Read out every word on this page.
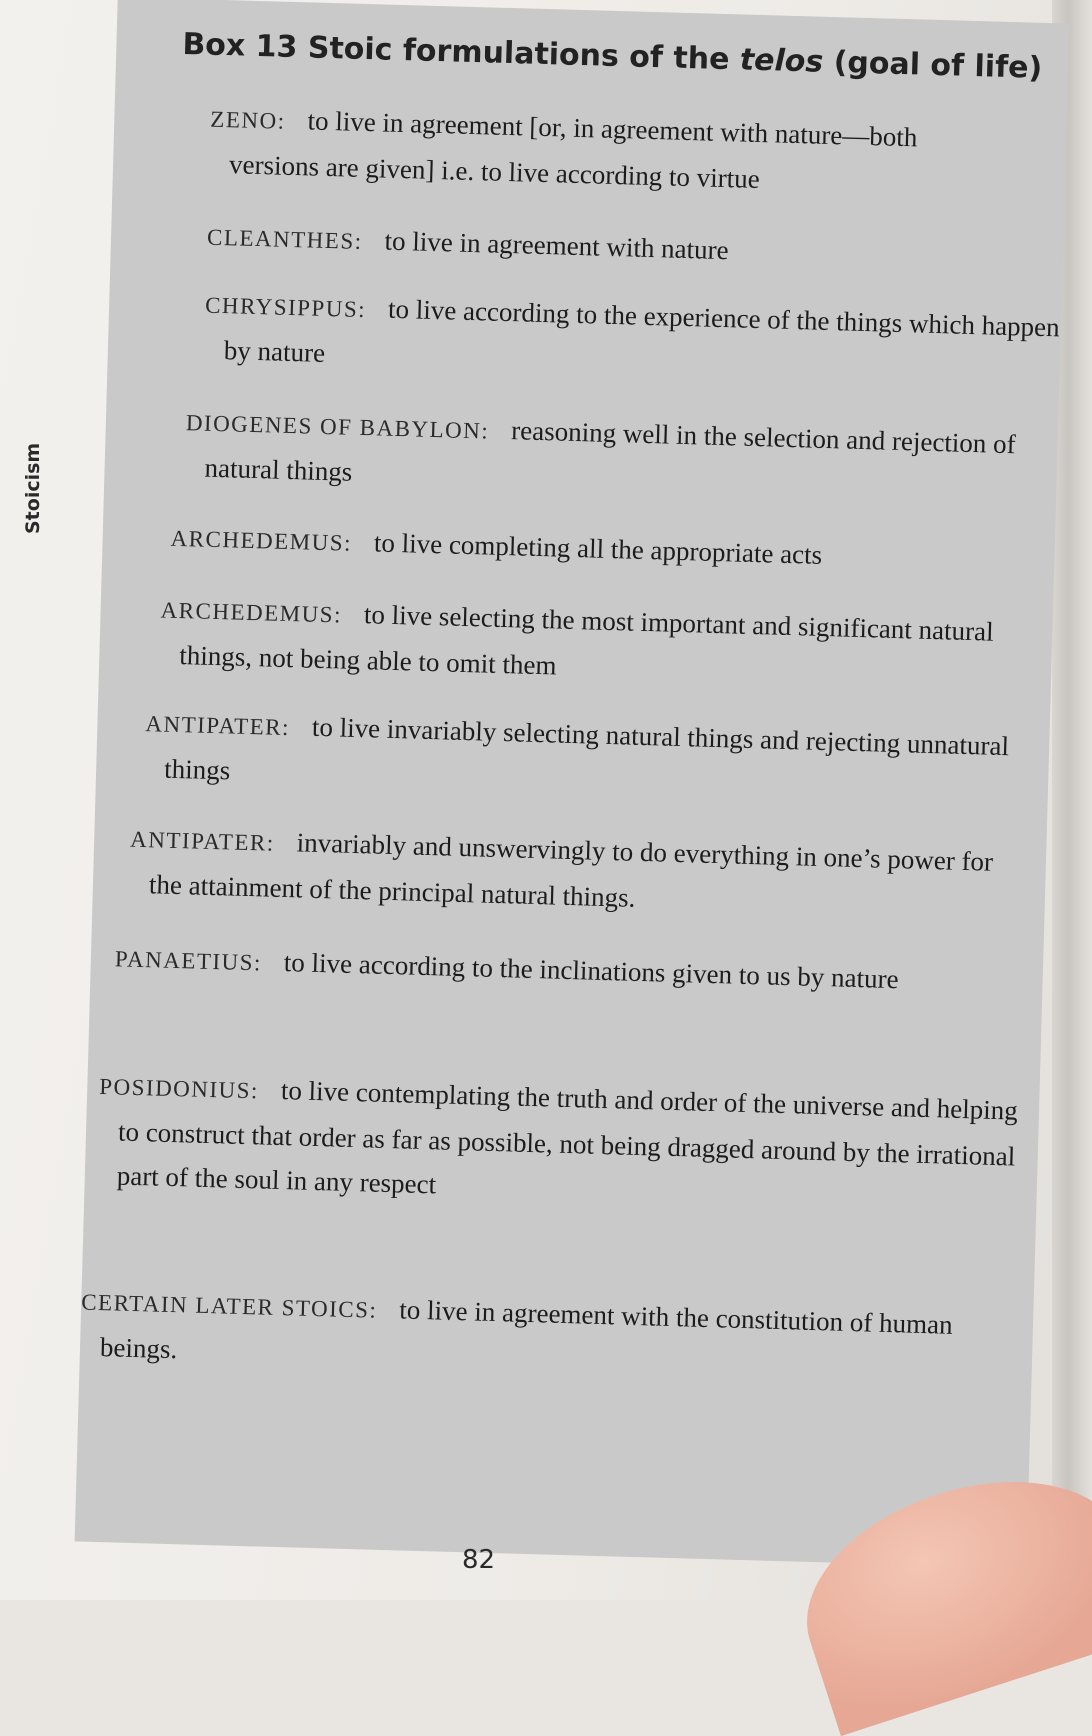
Stoicism
Box 13 Stoic formulations of the telos (goal of life)
ZENO: to live in agreement [or, in agreement with nature—both versions are given] i.e. to live according to virtue
CLEANTHES: to live in agreement with nature
CHRYSIPPUS: to live according to the experience of the things which happen by nature
DIOGENES OF BABYLON: reasoning well in the selection and rejection of natural things
ARCHEDEMUS: to live completing all the appropriate acts
ARCHEDEMUS: to live selecting the most important and significant natural things, not being able to omit them
ANTIPATER: to live invariably selecting natural things and rejecting unnatural things
ANTIPATER: invariably and unswervingly to do everything in one’s power for the attainment of the principal natural things.
PANAETIUS: to live according to the inclinations given to us by nature
POSIDONIUS: to live contemplating the truth and order of the universe and helping to construct that order as far as possible, not being dragged around by the irrational part of the soul in any respect
CERTAIN LATER STOICS: to live in agreement with the constitution of human beings.
82
